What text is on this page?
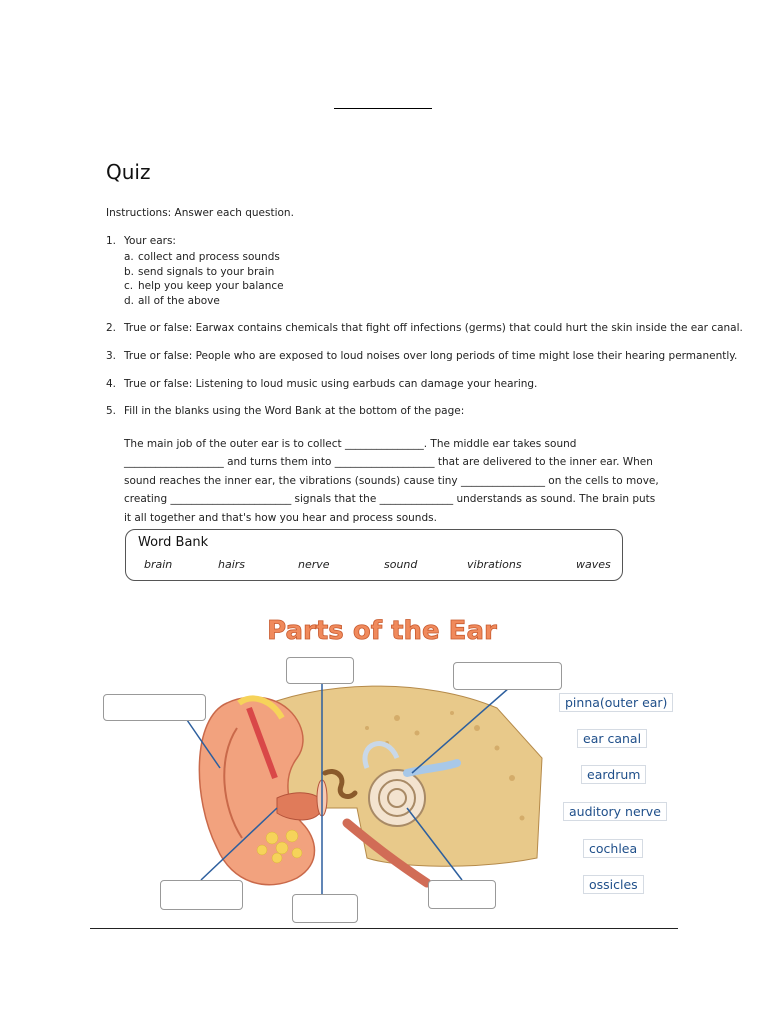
Quiz
Instructions: Answer each question.
1. Your ears:
a. collect and process sounds
b. send signals to your brain
c. help you keep your balance
d. all of the above
2. True or false: Earwax contains chemicals that fight off infections (germs) that could hurt the skin inside the ear canal.
3. True or false: People who are exposed to loud noises over long periods of time might lose their hearing permanently.
4. True or false: Listening to loud music using earbuds can damage your hearing.
5. Fill in the blanks using the Word Bank at the bottom of the page:
The main job of the outer ear is to collect _______________. The middle ear takes sound ___________________ and turns them into ___________________ that are delivered to the inner ear. When sound reaches the inner ear, the vibrations (sounds) cause tiny ________________ on the cells to move, creating _______________________ signals that the ______________ understands as sound. The brain puts it all together and that's how you hear and process sounds.
Word Bank
brain	hairs	nerve	sound	vibrations	waves
Parts of the Ear
pinna(outer ear)
ear canal
eardrum
auditory nerve
cochlea
ossicles
